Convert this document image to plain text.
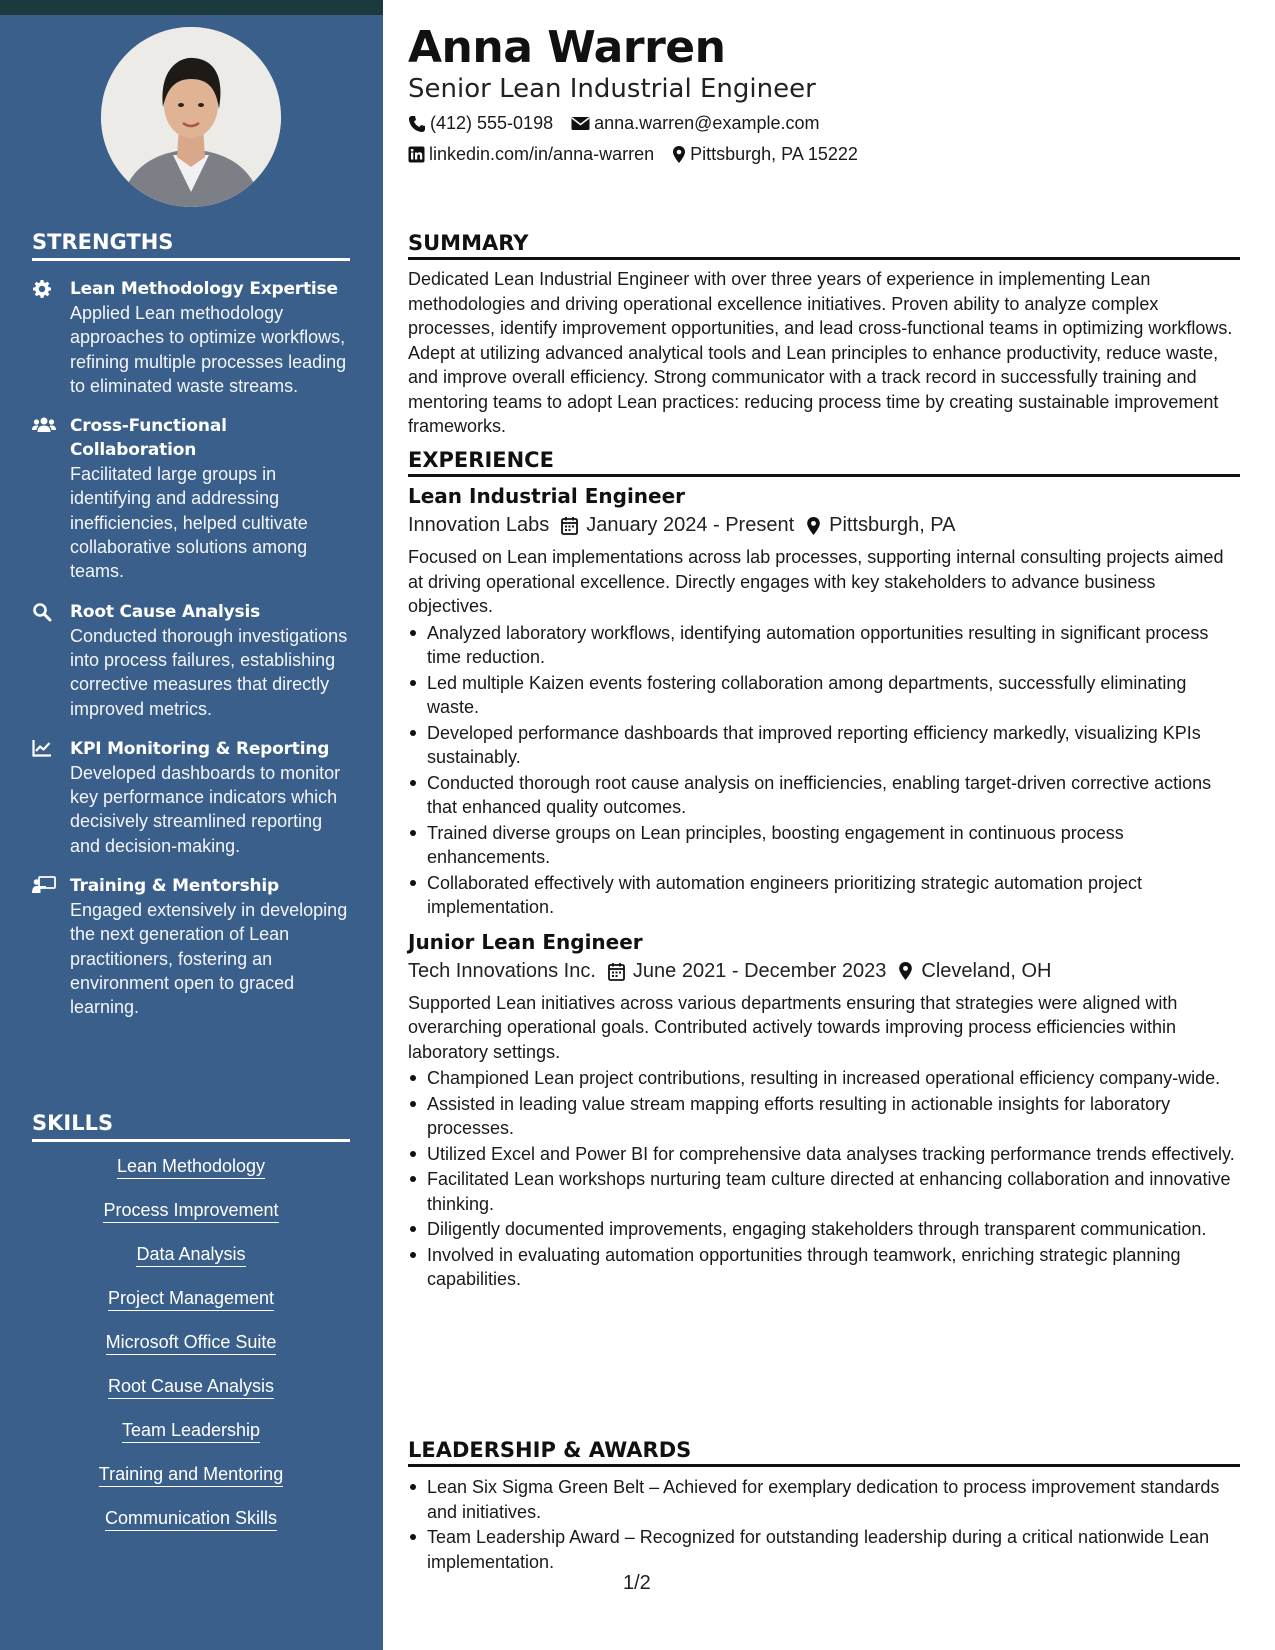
STRENGTHS
Lean Methodology Expertise
Applied Lean methodology approaches to optimize workflows, refining multiple processes leading to eliminated waste streams.
Cross-Functional Collaboration
Facilitated large groups in identifying and addressing inefficiencies, helped cultivate collaborative solutions among teams.
Root Cause Analysis
Conducted thorough investigations into process failures, establishing corrective measures that directly improved metrics.
KPI Monitoring & Reporting
Developed dashboards to monitor key performance indicators which decisively streamlined reporting and decision-making.
Training & Mentorship
Engaged extensively in developing the next generation of Lean practitioners, fostering an environment open to graced learning.
SKILLS
Lean Methodology
Process Improvement
Data Analysis
Project Management
Microsoft Office Suite
Root Cause Analysis
Team Leadership
Training and Mentoring
Communication Skills
Anna Warren
Senior Lean Industrial Engineer
(412) 555-0198 anna.warren@example.com
linkedin.com/in/anna-warren Pittsburgh, PA 15222
SUMMARY
Dedicated Lean Industrial Engineer with over three years of experience in implementing Lean methodologies and driving operational excellence initiatives. Proven ability to analyze complex processes, identify improvement opportunities, and lead cross-functional teams in optimizing workflows. Adept at utilizing advanced analytical tools and Lean principles to enhance productivity, reduce waste, and improve overall efficiency. Strong communicator with a track record in successfully training and mentoring teams to adopt Lean practices: reducing process time by creating sustainable improvement frameworks.
EXPERIENCE
Lean Industrial Engineer
Innovation Labs January 2024 - Present Pittsburgh, PA
Focused on Lean implementations across lab processes, supporting internal consulting projects aimed at driving operational excellence. Directly engages with key stakeholders to advance business objectives.
Analyzed laboratory workflows, identifying automation opportunities resulting in significant process time reduction.
Led multiple Kaizen events fostering collaboration among departments, successfully eliminating waste.
Developed performance dashboards that improved reporting efficiency markedly, visualizing KPIs sustainably.
Conducted thorough root cause analysis on inefficiencies, enabling target-driven corrective actions that enhanced quality outcomes.
Trained diverse groups on Lean principles, boosting engagement in continuous process enhancements.
Collaborated effectively with automation engineers prioritizing strategic automation project implementation.
Junior Lean Engineer
Tech Innovations Inc. June 2021 - December 2023 Cleveland, OH
Supported Lean initiatives across various departments ensuring that strategies were aligned with overarching operational goals. Contributed actively towards improving process efficiencies within laboratory settings.
Championed Lean project contributions, resulting in increased operational efficiency company-wide.
Assisted in leading value stream mapping efforts resulting in actionable insights for laboratory processes.
Utilized Excel and Power BI for comprehensive data analyses tracking performance trends effectively.
Facilitated Lean workshops nurturing team culture directed at enhancing collaboration and innovative thinking.
Diligently documented improvements, engaging stakeholders through transparent communication.
Involved in evaluating automation opportunities through teamwork, enriching strategic planning capabilities.
LEADERSHIP & AWARDS
Lean Six Sigma Green Belt – Achieved for exemplary dedication to process improvement standards and initiatives.
Team Leadership Award – Recognized for outstanding leadership during a critical nationwide Lean implementation.
1/2
